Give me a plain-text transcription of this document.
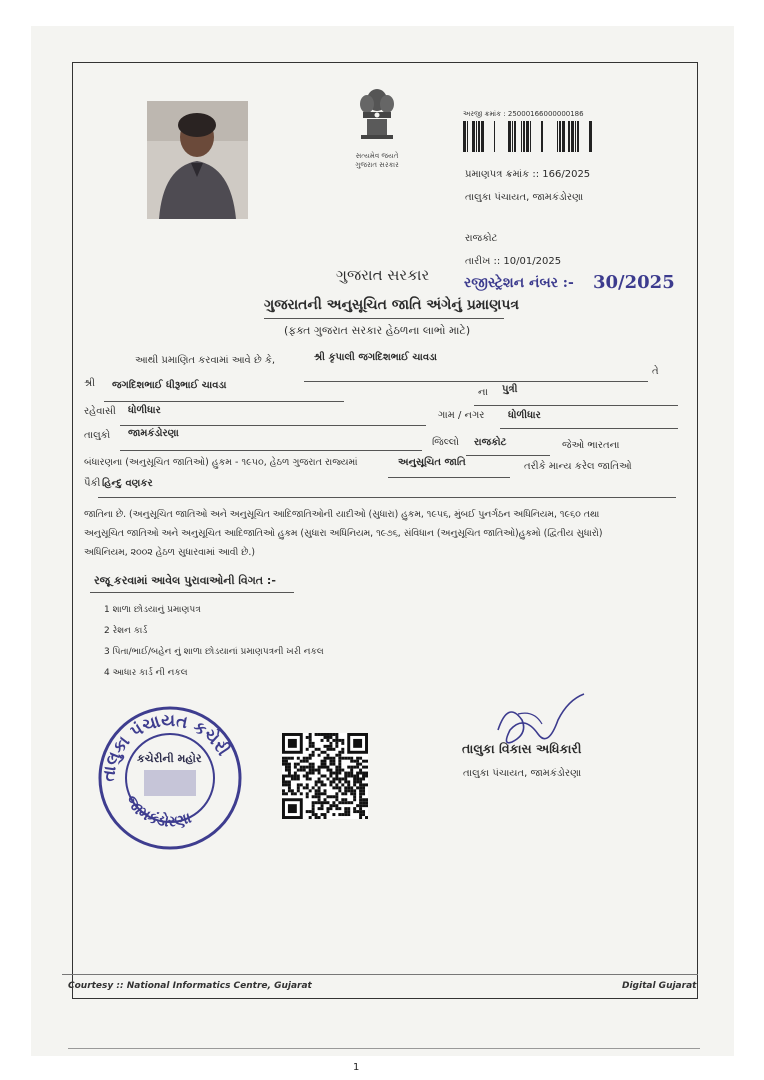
સત્યમેવ જયતે
ગુજરાત સરકાર
અરજી ક્રમાંક : 25000166000000186
પ્રમાણપત્ર ક્રમાંક :: 166/2025
તાલુકા પંચાયત, જામકંડોરણા
રાજકોટ
તારીખ :: 10/01/2025
ગુજરાત સરકાર રજીસ્ટ્રેશન નંબર :- 30/2025
ગુજરાતની અનુસૂચિત જાતિ અંગેનું પ્રમાણપત્ર
(ફક્ત ગુજરાત સરકાર હેઠળના લાભો માટે)
આથી પ્રમાણિત કરવામાં આવે છે કે,	શ્રી કૃપાલી જગદિશભાઈ ચાવડા
તે
શ્રી જગદિશભાઈ ધીરૂભાઈ ચાવડા
ના પુત્રી
રહેવાસી ધોળીધાર	ગામ / નગર ધોળીધાર
તાલુકો જામકંડોરણા
જિલ્લો રાજકોટ	જેઓ ભારતના
બંધારણના (અનુસૂચિત જાતિઓ) હુકમ - ૧૯૫૦, હેઠળ ગુજરાત રાજ્યમાં	અનુસૂચિત જાતિ	તરીકે માન્ય કરેલ જાતિઓ
પૈકી હિન્દુ વણકર
જાતિના છે. (અનુસૂચિત જાતિઓ અને અનુસૂચિત આદિજાતિઓની યાદીઓ (સુધારા) હુકમ, ૧૯૫૬, મુંબઈ પુનર્ગઠન અધિનિયમ, ૧૯૬૦ તથા
અનુસૂચિત જાતિઓ અને અનુસૂચિત આદિજાતિઓ હુકમ (સુધારા અધિનિયમ, ૧૯૭૬, સંવિધાન (અનુસૂચિત જાતિઓ)હુકમો (દ્વિતીય સુધારો)
અધિનિયમ, ૨૦૦૨ હેઠળ સુધારવામાં આવી છે.)
રજૂ કરવામાં આવેલ પુરાવાઓની વિગત :-
1 શાળા છોડયાનું પ્રમાણપત્ર
2 રેશન કાર્ડ
3 પિતા/ભાઈ/બહેન નું શાળા છોડયાનાં પ્રમાણપત્રની ખરી નકલ
4 આધાર કાર્ડ ની નકલ
તાલુકા પંચાયત કચેરી
જામકંડોરણા
કચેરીની મહોર
તાલુકા વિકાસ અધિકારી
તાલુકા પંચાયત, જામકંડોરણા
Courtesy :: National Informatics Centre, Gujarat	Digital Gujarat
1
